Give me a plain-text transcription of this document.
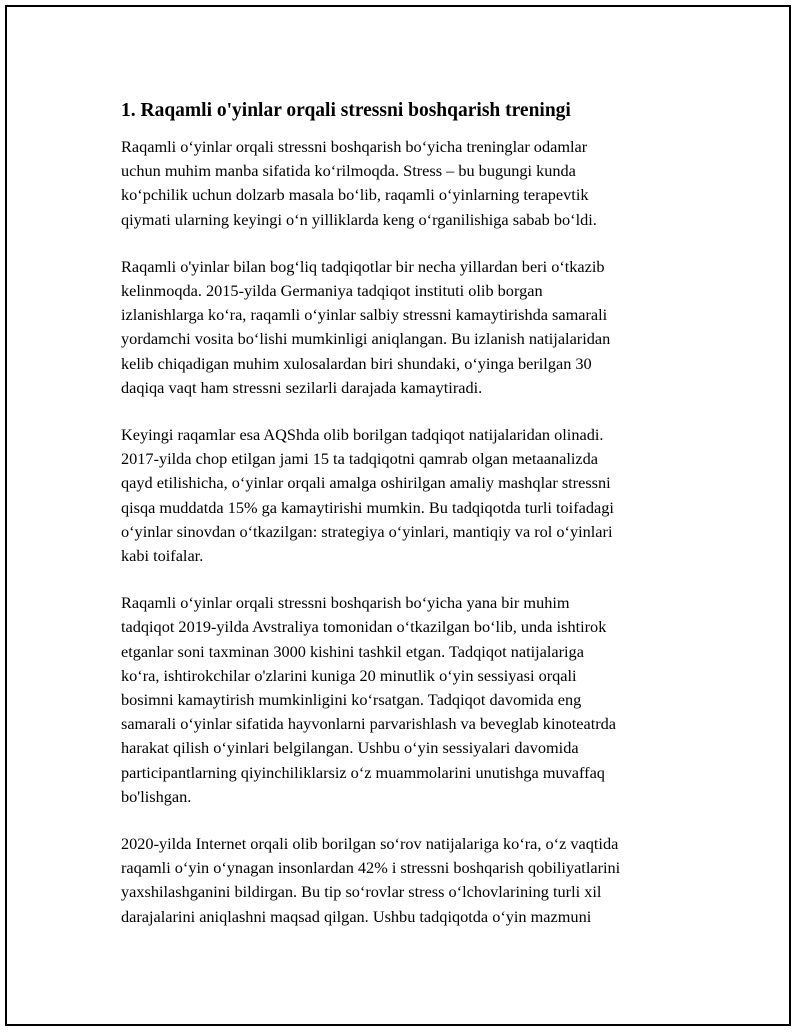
1. Raqamli o'yinlar orqali stressni boshqarish treningi

Raqamli o‘yinlar orqali stressni boshqarish bo‘yicha treninglar odamlar
uchun muhim manba sifatida ko‘rilmoqda. Stress – bu bugungi kunda
ko‘pchilik uchun dolzarb masala bo‘lib, raqamli o‘yinlarning terapevtik
qiymati ularning keyingi o‘n yilliklarda keng o‘rganilishiga sabab bo‘ldi.

Raqamli o'yinlar bilan bog‘liq tadqiqotlar bir necha yillardan beri o‘tkazib
kelinmoqda. 2015-yilda Germaniya tadqiqot instituti olib borgan
izlanishlarga ko‘ra, raqamli o‘yinlar salbiy stressni kamaytirishda samarali
yordamchi vosita bo‘lishi mumkinligi aniqlangan. Bu izlanish natijalaridan
kelib chiqadigan muhim xulosalardan biri shundaki, o‘yinga berilgan 30
daqiqa vaqt ham stressni sezilarli darajada kamaytiradi.

Keyingi raqamlar esa AQShda olib borilgan tadqiqot natijalaridan olinadi.
2017-yilda chop etilgan jami 15 ta tadqiqotni qamrab olgan metaanalizda
qayd etilishicha, o‘yinlar orqali amalga oshirilgan amaliy mashqlar stressni
qisqa muddatda 15% ga kamaytirishi mumkin. Bu tadqiqotda turli toifadagi
o‘yinlar sinovdan o‘tkazilgan: strategiya o‘yinlari, mantiqiy va rol o‘yinlari
kabi toifalar.

Raqamli o‘yinlar orqali stressni boshqarish bo‘yicha yana bir muhim
tadqiqot 2019-yilda Avstraliya tomonidan o‘tkazilgan bo‘lib, unda ishtirok
etganlar soni taxminan 3000 kishini tashkil etgan. Tadqiqot natijalariga
ko‘ra, ishtirokchilar o'zlarini kuniga 20 minutlik o‘yin sessiyasi orqali
bosimni kamaytirish mumkinligini ko‘rsatgan. Tadqiqot davomida eng
samarali o‘yinlar sifatida hayvonlarni parvarishlash va beveglab kinoteatrda
harakat qilish o‘yinlari belgilangan. Ushbu o‘yin sessiyalari davomida
participantlarning qiyinchiliklarsiz o‘z muammolarini unutishga muvaffaq
bo'lishgan.

2020-yilda Internet orqali olib borilgan so‘rov natijalariga ko‘ra, o‘z vaqtida
raqamli o‘yin o‘ynagan insonlardan 42% i stressni boshqarish qobiliyatlarini
yaxshilashganini bildirgan. Bu tip so‘rovlar stress o‘lchovlarining turli xil
darajalarini aniqlashni maqsad qilgan. Ushbu tadqiqotda o‘yin mazmuni
